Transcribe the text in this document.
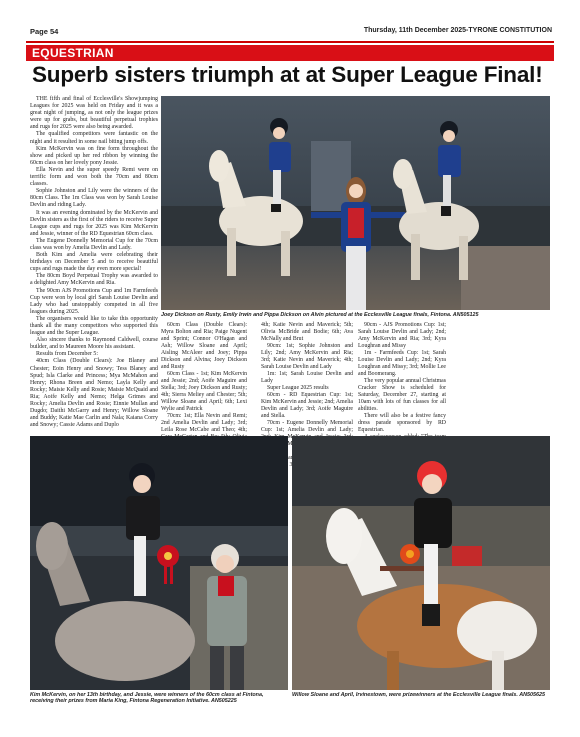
Page 54	Thursday, 11th December 2025-TYRONE CONSTITUTION
EQUESTRIAN
Superb sisters triumph at at Super League Final!

THE fifth and final of Ecclesville's Showjumping Leagues for 2025 was held on Friday and it was a great night of jumping, as not only the league prizes were up for grabs, but beautiful perpetual trophies and rugs for 2025 were also being awarded.

The qualified competitors were fantastic on the night and it resulted in some nail biting jump offs.

Kim McKervin was on fine form throughout the show and picked up her red ribbon by winning the 60cm class on her lovely pony Jessie.

Ella Nevin and the super speedy Remi were on terrific form and won both the 70cm and 80cm classes.

Sophie Johnston and Lily were the winners of the 80cm Class. The 1m Class was won by Sarah Louise Devlin and riding Lady.

It was an evening dominated by the McKervin and Devlin sisters as the first of the riders to receive Super League cups and rugs for 2025 was Kim McKervin and Jessie, winner of the RD Equestrian 60cm class.

The Eugene Donnelly Memorial Cup for the 70cm class was won by Amelia Devlin and Lady.

Both Kim and Amelia were celebrating their birthdays on December 5 and to receive beautiful cups and rugs made the day even more special!

The 80cm Boyd Perpetual Trophy was awarded to a delighted Amy McKervin and Ria.

The 90cm AJS Promotions Cup and 1m Farmfeeds Cup were won by local girl Sarah Louise Devlin and Lady who had unstoppably competed in all five leagues during 2025.

The organisers would like to take this opportunity thank all the many competitors who supported this league and the Super League.

Also sincere thanks to Raymond Caldwell, course builder, and to Maureen Moore his assistant.

Results from December 5:

40cm Class (Double Clears): Joe Blaney and Chester; Eoin Henry and Snowy; Tess Blaney and Spud; Isla Clarke and Princess; Mya McMahon and Henry; Rhona Breen and Nemo; Layla Kelly and Rocky; Maisie Kelly and Rosie; Maisie McQuaid and Ria; Aoife Kelly and Nemo; Helga Grimes and Rocky; Amelia Devlin and Rosie; Einnie Mullan and Dugdo; Daithi McGarry and Henry; Willow Sloane and Buddy; Katie Mae Carlin and Nala; Kaiana Corry and Snowy; Cassie Adams and Duplo

Joey Dickson on Rusty, Emily Irwin and Pippa Dickson on Alvin pictured at the Ecclesville League finals, Fintona. AN505125

60cm Class (Double Clears): Myra Bolton and Ria; Paige Nugent and Sprint; Connor O'Hagan and Ash; Willow Sloane and April; Aisling McAleer and Joey; Pippa Dickson and Alvina; Joey Dickson and Rusty

60cm Class - 1st; Kim McKervin and Jessie; 2nd; Aoife Maguire and Stella; 3rd; Joey Dickson and Rusty; 4th; Sierra Meliey and Chester; 5th; Willow Sloane and April; 6th; Lexi Wylie and Patrick

70cm: 1st; Ella Nevin and Remi; 2nd Amelia Devlin and Lady; 3rd; Leila Rose McCabe and Theo; 4th;

4th; Katie Nevin and Maverick; 5th; Olivia McBride and Bodie; 6th; Ava McNally and Brut

90cm: 1st; Sophie Johnston and Lily; 2nd; Amy McKervin and Ria; 3rd; Katie Nevin and Maverick; 4th; Sarah Louise Devlin and Lady

1m: 1st; Sarah Louise Devlin and Lady

Super League 2025 results

60cm - RD Equestrian Cup: 1st; Kim McKervin and Jessie; 2nd; Amelia Devlin and Lady; 3rd; Aoife Maguire and Stella.

70cm - Eugene Donnelly Memorial Cup: 1st; Amelia Devlin and Lady;

90cm - AJS Promotions Cup: 1st; Sarah Louise Devlin and Lady; 2nd; Amy McKervin and Ria; 3rd; Kyra Loughran and Missy

1m - Farmfeeds Cup: 1st; Sarah Louise Devlin and Lady; 2nd; Kyra Loughran and Missy; 3rd; Mollie Lee and Boomerang.

The very popular annual Christmas Cracker Show is scheduled for Saturday, December 27, starting at 10am with lots of fun classes for all abilities.

There will also be a festive fancy dress parade sponsored by RD Equestrian.

Kim McKervin, on her 13th birthday, and Jessie, were winners of the 60cm class at Fintona, receiving their prizes from Maria King, Fintona Regeneration Initiative. AN505225
Willow Sloane and April, Irvinestown, were prizewinners at the Ecclesville League finals. AN505625
